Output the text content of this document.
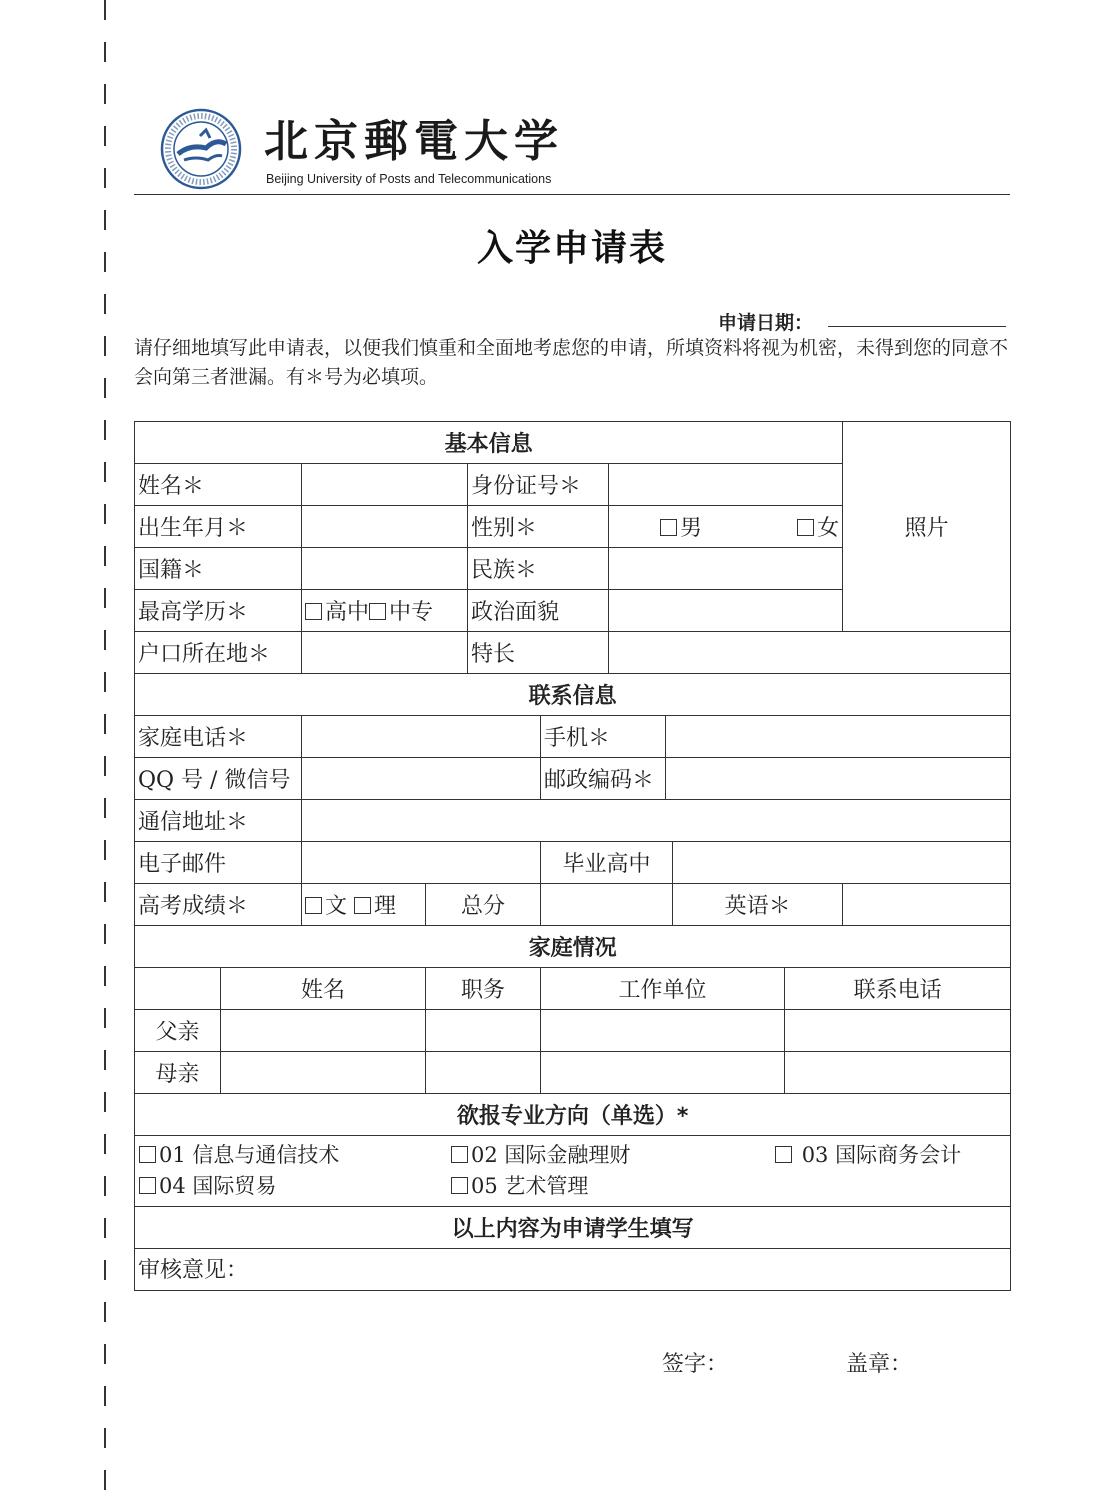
北京郵電大学
Beijing University of Posts and Telecommunications
入学申请表
申请日期：
请仔细地填写此申请表，以便我们慎重和全面地考虑您的申请，所填资料将视为机密，未得到您的同意不会向第三者泄漏。有＊号为必填项。
基本信息										照片
姓名＊				身份证号＊						
出生年月＊				性别＊		男 女				

国籍＊				民族＊						
最高学历＊		高中 中专		政治面貌						
户口所在地＊				特长						
联系信息										
家庭电话＊					手机＊					
QQ 号 / 微信号					邮政编码＊					
通信地址＊										
电子邮件					毕业高中					
高考成绩＊		文 理	总分					英语＊		
家庭情况										
	姓名		职务		工作单位				联系电话	
父亲										
母亲										
欲报专业方向（单选）*										

01 信息与通信技术 02 国际金融理财 03 国际商务会计
04 国际贸易 05 艺术管理										

以上内容为申请学生填写										

审核意见：
签字： 盖章：										
